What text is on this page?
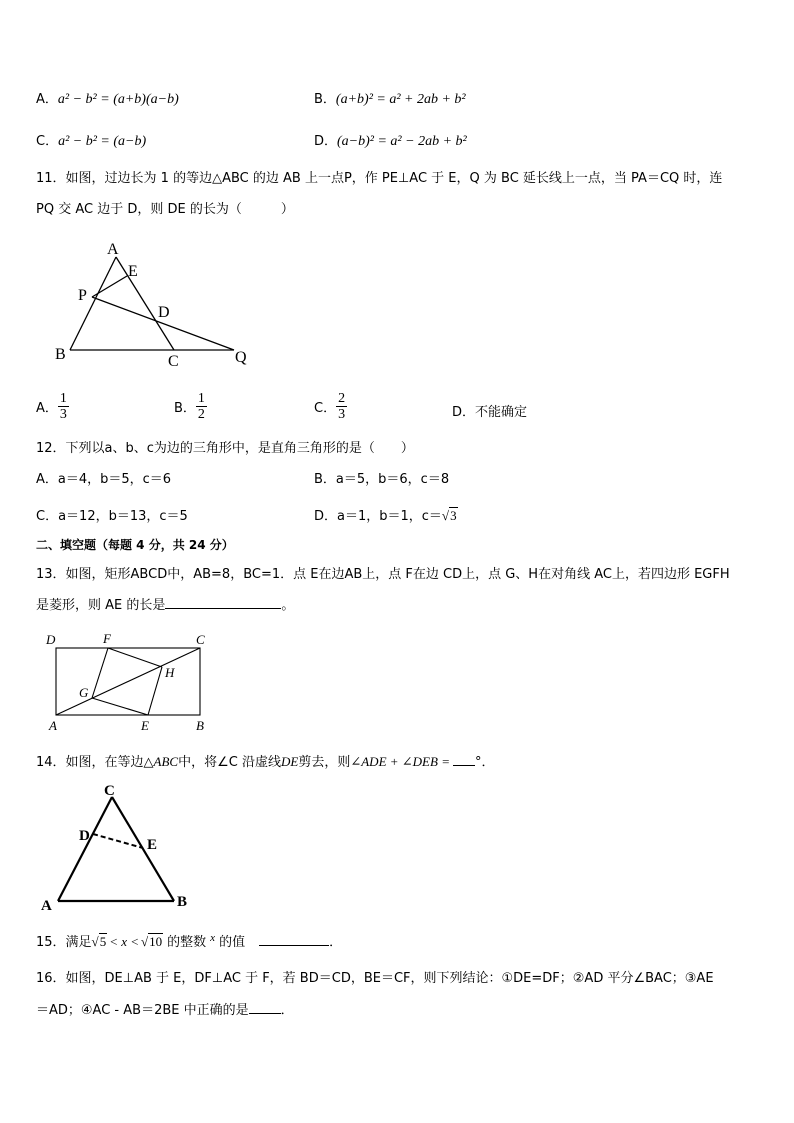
A．a² − b² = (a+b)(a−b)	B．(a+b)² = a² + 2ab + b²
C．a² − b² = (a−b)	D．(a−b)² = a² − 2ab + b²
11．如图，过边长为 1 的等边△ABC 的边 AB 上一点P，作 PE⊥AC 于 E，Q 为 BC 延长线上一点，当 PA＝CQ 时，连
PQ 交 AC 边于 D，则 DE 的长为（　　　）
A
E
P
D
B	C	Q
D	F	C
H
G
A	E	B
C
D
E
A	B
A． $\frac{1}{3}$	B． $\frac{1}{2}$	C． $\frac{2}{3}$	D．不能确定
12．下列以a、b、c为边的三角形中，是直角三角形的是（　　）
A．a＝4，b＝5，c＝6	B．a＝5，b＝6，c＝8
C．a＝12，b＝13，c＝5	D．a＝1，b＝1，c＝√3
二、填空题（每题 4 分，共 24 分）
13．如图，矩形ABCD中，AB=8，BC=1．点 E在边AB上，点 F在边 CD上，点 G、H在对角线 AC上，若四边形 EGFH
是菱形，则 AE 的长是	。
14．如图，在等边△ABC中，将∠C 沿虚线DE剪去，则∠ADE + ∠DEB = °．
15．满足√5 < x < √10 的整数 $^x$ 的值	．
16．如图，DE⊥AB 于 E，DF⊥AC 于 F，若 BD＝CD，BE＝CF，则下列结论：①DE=DF；②AD 平分∠BAC；③AE
＝AD；④AC - AB＝2BE 中正确的是 ．
